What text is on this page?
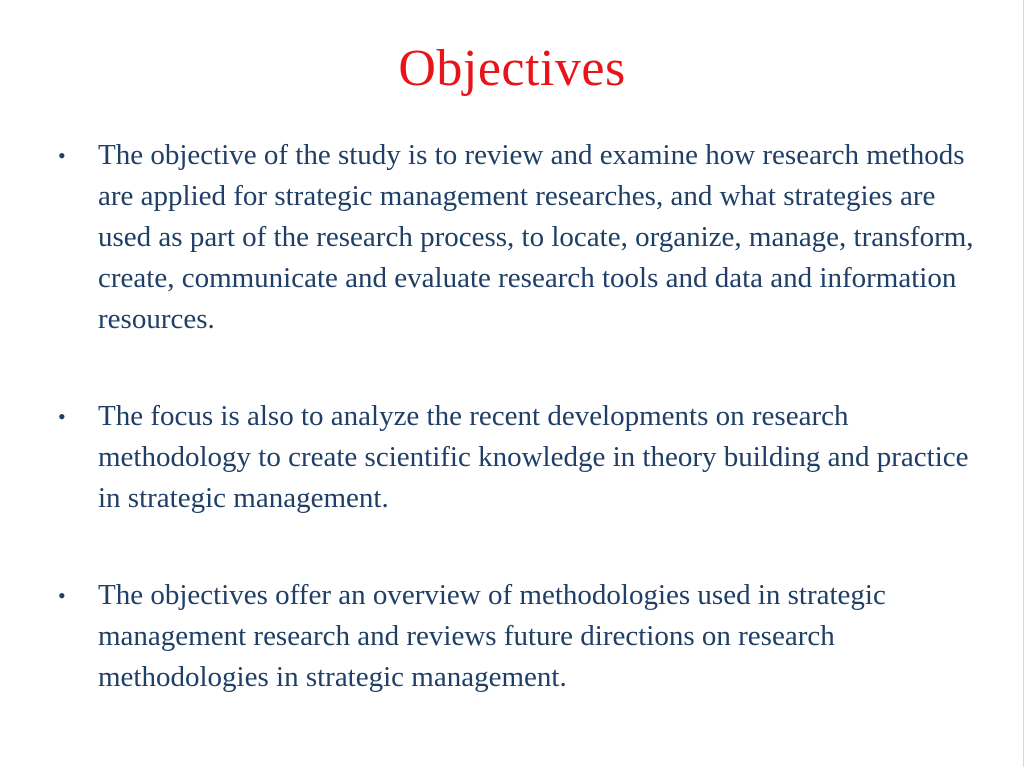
Objectives
• The objective of the study is to review and examine how research methods are applied for strategic management researches, and what strategies are used as part of the research process, to locate, organize, manage, transform, create, communicate and evaluate research tools and data and information resources.
• The focus is also to analyze the recent developments on research methodology to create scientific knowledge in theory building and practice in strategic management.
• The objectives offer an overview of methodologies used in strategic management research and reviews future directions on research methodologies in strategic management.
